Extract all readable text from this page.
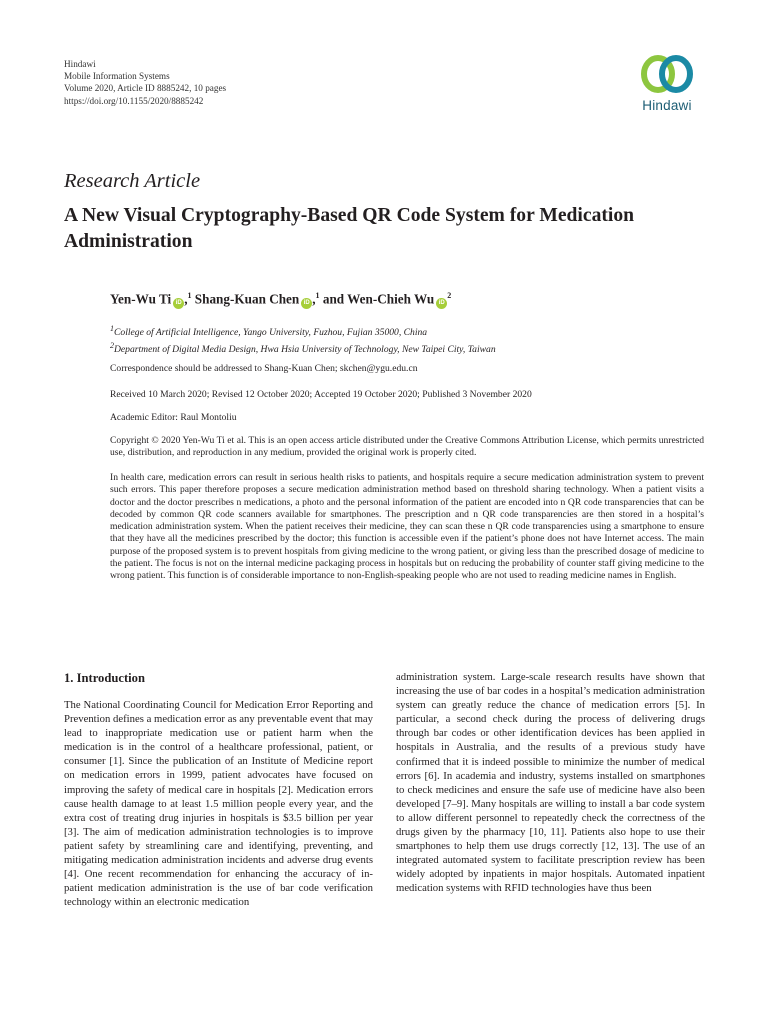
Hindawi
Mobile Information Systems
Volume 2020, Article ID 8885242, 10 pages
https://doi.org/10.1155/2020/8885242	Hindawi
Research Article
A New Visual Cryptography-Based QR Code System for Medication Administration
Yen-Wu Ti iD ,$^1$ Shang-Kuan Chen iD ,$^1$ and Wen-Chieh Wu $iD^2$
$^1$College of Artificial Intelligence, Yango University, Fuzhou, Fujian 35000, China
$^2$Department of Digital Media Design, Hwa Hsia University of Technology, New Taipei City, Taiwan
Correspondence should be addressed to Shang-Kuan Chen; skchen@ygu.edu.cn
Received 10 March 2020; Revised 12 October 2020; Accepted 19 October 2020; Published 3 November 2020
Academic Editor: Raul Montoliu
Copyright © 2020 Yen-Wu Ti et al. This is an open access article distributed under the Creative Commons Attribution License, which permits unrestricted use, distribution, and reproduction in any medium, provided the original work is properly cited.
In health care, medication errors can result in serious health risks to patients, and hospitals require a secure medication administration system to prevent such errors. This paper therefore proposes a secure medication administration method based on threshold sharing technology. When a patient visits a doctor and the doctor prescribes n medications, a photo and the personal information of the patient are encoded into n QR code transparencies that can be decoded by common QR code scanners available for smartphones. The prescription and n QR code transparencies are then stored in a hospital’s medication administration system. When the patient receives their medicine, they can scan these n QR code transparencies using a smartphone to ensure that they have all the medicines prescribed by the doctor; this function is accessible even if the patient’s phone does not have Internet access. The main purpose of the proposed system is to prevent hospitals from giving medicine to the wrong patient, or giving less than the prescribed dosage of medicine to the patient. The focus is not on the internal medicine packaging process in hospitals but on reducing the probability of counter staff giving medicine to the wrong patient. This function is of considerable importance to non-English-speaking people who are not used to reading medicine names in English.
1. Introduction
The National Coordinating Council for Medication Error Reporting and Prevention defines a medication error as any preventable event that may lead to inappropriate medication use or patient harm when the medication is in the control of a healthcare professional, patient, or consumer [1]. Since the publication of an Institute of Medicine report on medication errors in 1999, patient advocates have focused on improving the safety of medical care in hospitals [2]. Medication errors cause health damage to at least 1.5 million people every year, and the extra cost of treating drug injuries in hospitals is $3.5 billion per year [3]. The aim of medication administration technologies is to improve patient safety by streamlining care and identifying, preventing, and mitigating medication administration incidents and adverse drug events [4]. One recent recommendation for enhancing the accuracy of in-patient medication administration is the use of bar code verification technology within an electronic medication
administration system. Large-scale research results have shown that increasing the use of bar codes in a hospital’s medication administration system can greatly reduce the chance of medication errors [5]. In particular, a second check during the process of delivering drugs through bar codes or other identification devices has been applied in hospitals in Australia, and the results of a previous study have confirmed that it is indeed possible to minimize the number of medical errors [6]. In academia and industry, systems installed on smartphones to check medicines and ensure the safe use of medicine have also been developed [7–9]. Many hospitals are willing to install a bar code system to allow different personnel to repeatedly check the correctness of the drugs given by the pharmacy [10, 11]. Patients also hope to use their smartphones to help them use drugs correctly [12, 13]. The use of an integrated automated system to facilitate prescription review has been widely adopted by inpatients in major hospitals. Automated inpatient medication systems with RFID technologies have thus been
